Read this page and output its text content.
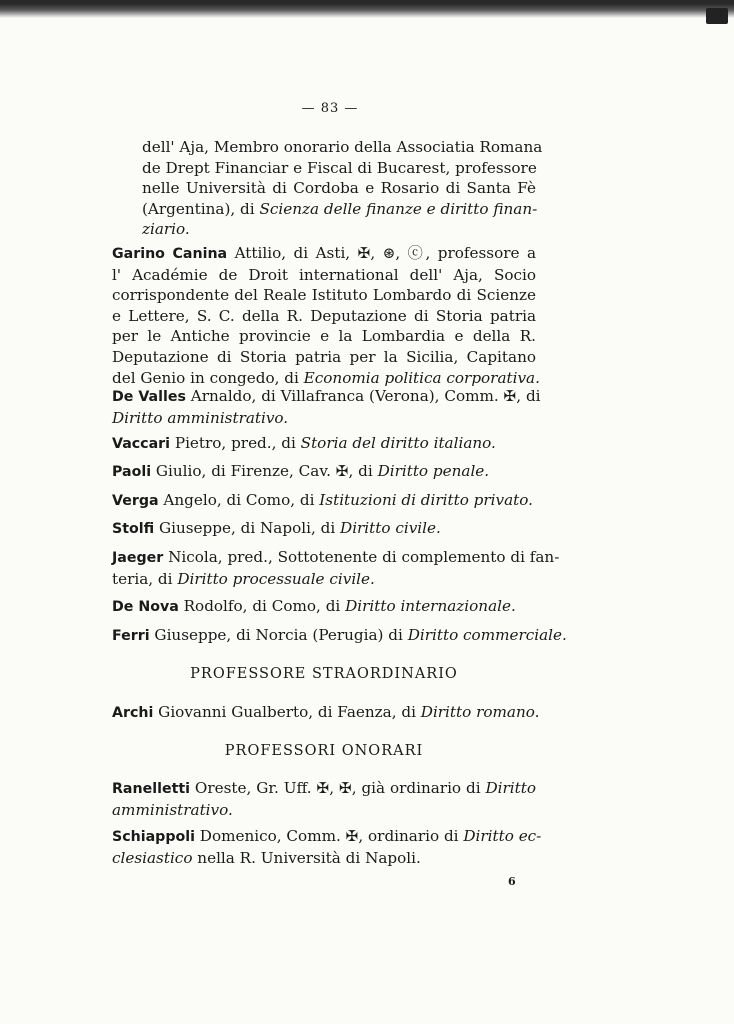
— 83 —
dell' Aja, Membro onorario della Associatia Romana
de Drept Financiar e Fiscal di Bucarest, professore
nelle Università di Cordoba e Rosario di Santa Fè
(Argentina), di Scienza delle finanze e diritto finan-
ziario.
Garino Canina Attilio, di Asti, ✠, ⊛, ⓒ, professore a
l' Académie de Droit international dell' Aja, Socio
corrispondente del Reale Istituto Lombardo di Scienze
e Lettere, S. C. della R. Deputazione di Storia patria
per le Antiche provincie e la Lombardia e della R.
Deputazione di Storia patria per la Sicilia, Capitano
del Genio in congedo, di Economia politica corporativa.
De Valles Arnaldo, di Villafranca (Verona), Comm. ✠, di
Diritto amministrativo.
Vaccari Pietro, pred., di Storia del diritto italiano.
Paoli Giulio, di Firenze, Cav. ✠, di Diritto penale.
Verga Angelo, di Como, di Istituzioni di diritto privato.
Stolfi Giuseppe, di Napoli, di Diritto civile.
Jaeger Nicola, pred., Sottotenente di complemento di fan-
teria, di Diritto processuale civile.
De Nova Rodolfo, di Como, di Diritto internazionale.
Ferri Giuseppe, di Norcia (Perugia) di Diritto commerciale.
PROFESSORE STRAORDINARIO
Archi Giovanni Gualberto, di Faenza, di Diritto romano.
PROFESSORI ONORARI
Ranelletti Oreste, Gr. Uff. ✠, ✠, già ordinario di Diritto
amministrativo.
Schiappoli Domenico, Comm. ✠, ordinario di Diritto ec-
clesiastico nella R. Università di Napoli.
6
